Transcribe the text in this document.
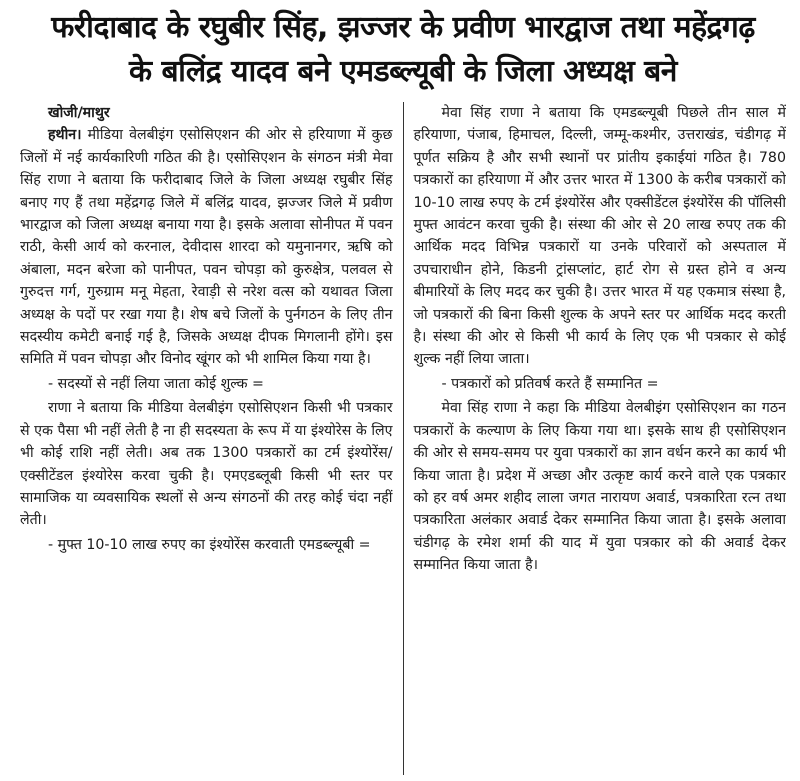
फरीदाबाद के रघुबीर सिंह, झज्जर के प्रवीण भारद्वाज तथा महेंद्रगढ़
के बलिंद्र यादव बने एमडब्ल्यूबी के जिला अध्यक्ष बने
खोजी/माथुर

हथीन। मीडिया वेलबीइंग एसोसिएशन की ओर से हरियाणा में कुछ जिलों में नई कार्यकारिणी गठित की है। एसोसिएशन के संगठन मंत्री मेवा सिंह राणा ने बताया कि फरीदाबाद जिले के जिला अध्यक्ष रघुबीर सिंह बनाए गए हैं तथा महेंद्रगढ़ जिले में बलिंद्र यादव, झज्जर जिले में प्रवीण भारद्वाज को जिला अध्यक्ष बनाया गया है। इसके अलावा सोनीपत में पवन राठी, केसी आर्य को करनाल, देवीदास शारदा को यमुनानगर, ऋषि को अंबाला, मदन बरेजा को पानीपत, पवन चोपड़ा को कुरुक्षेत्र, पलवल से गुरुदत्त गर्ग, गुरुग्राम मनू मेहता, रेवाड़ी से नरेश वत्स को यथावत जिला अध्यक्ष के पदों पर रखा गया है। शेष बचे जिलों के पुर्नगठन के लिए तीन सदस्यीय कमेटी बनाई गई है, जिसके अध्यक्ष दीपक मिगलानी होंगे। इस समिति में पवन चोपड़ा और विनोद खूंगर को भी शामिल किया गया है।

- सदस्यों से नहीं लिया जाता कोई शुल्क =

राणा ने बताया कि मीडिया वेलबीइंग एसोसिएशन किसी भी पत्रकार से एक पैसा भी नहीं लेती है ना ही सदस्यता के रूप में या इंश्योरेस के लिए भी कोई राशि नहीं लेती। अब तक 1300 पत्रकारों का टर्म इंश्योरेंस/एक्सीटेंडल इंश्योरेस करवा चुकी है। एमएडब्लूबी किसी भी स्तर पर सामाजिक या व्यवसायिक स्थलों से अन्य संगठनों की तरह कोई चंदा नहीं लेती।

- मुफ्त 10-10 लाख रुपए का इंश्योरेंस करवाती एमडब्ल्यूबी =

मेवा सिंह राणा ने बताया कि एमडब्ल्यूबी पिछले तीन साल में हरियाणा, पंजाब, हिमाचल, दिल्ली, जम्मू-कश्मीर, उत्तराखंड, चंडीगढ़ में पूर्णत सक्रिय है और सभी स्थानों पर प्रांतीय इकाईयां गठित है। 780 पत्रकारों का हरियाणा में और उत्तर भारत में 1300 के करीब पत्रकारों को 10-10 लाख रुपए के टर्म इंश्योरेंस और एक्सीडेंटल इंश्योरेंस की पॉलिसी मुफ्त आवंटन करवा चुकी है। संस्था की ओर से 20 लाख रुपए तक की आर्थिक मदद विभिन्न पत्रकारों या उनके परिवारों को अस्पताल में उपचाराधीन होने, किडनी ट्रांसप्लांट, हार्ट रोग से ग्रस्त होने व अन्य बीमारियों के लिए मदद कर चुकी है। उत्तर भारत में यह एकमात्र संस्था है, जो पत्रकारों की बिना किसी शुल्क के अपने स्तर पर आर्थिक मदद करती है। संस्था की ओर से किसी भी कार्य के लिए एक भी पत्रकार से कोई शुल्क नहीं लिया जाता।

- पत्रकारों को प्रतिवर्ष करते हैं सम्मानित =

मेवा सिंह राणा ने कहा कि मीडिया वेलबीइंग एसोसिएशन का गठन पत्रकारों के कल्याण के लिए किया गया था। इसके साथ ही एसोसिएशन की ओर से समय-समय पर युवा पत्रकारों का ज्ञान वर्धन करने का कार्य भी किया जाता है। प्रदेश में अच्छा और उत्कृष्ट कार्य करने वाले एक पत्रकार को हर वर्ष अमर शहीद लाला जगत नारायण अवार्ड, पत्रकारिता रत्न तथा पत्रकारिता अलंकार अवार्ड देकर सम्मानित किया जाता है। इसके अलावा चंडीगढ़ के रमेश शर्मा की याद में युवा पत्रकार को की अवार्ड देकर सम्मानित किया जाता है।
